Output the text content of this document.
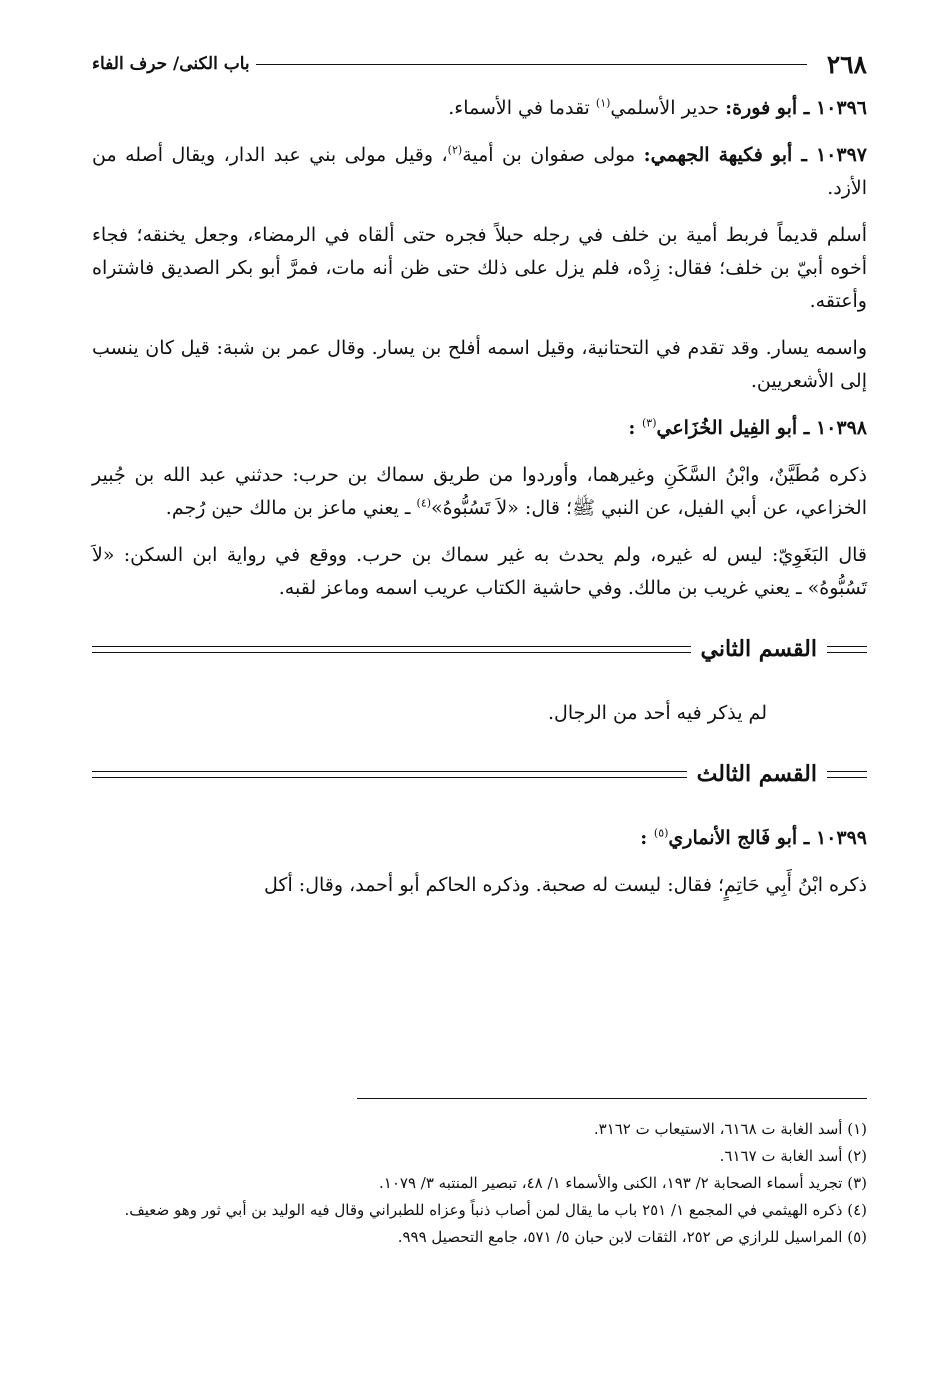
٢٦٨
باب الكنى/ حرف الفاء

١٠٣٩٦ ـ أبو فورة: حدير الأسلمي$^{(١)}$ تقدما في الأسماء.

١٠٣٩٧ ـ أبو فكيهة الجهمي: مولى صفوان بن أمية$^{(٢)}$، وقيل مولى بني عبد الدار، ويقال أصله من الأزد.

أسلم قديماً فربط أمية بن خلف في رجله حبلاً فجره حتى ألقاه في الرمضاء، وجعل يخنقه؛ فجاء أخوه أبيّ بن خلف؛ فقال: زِدْه، فلم يزل على ذلك حتى ظن أنه مات، فمرَّ أبو بكر الصديق فاشتراه وأعتقه.

واسمه يسار. وقد تقدم في التحتانية، وقيل اسمه أفلح بن يسار. وقال عمر بن شبة: قيل كان ينسب إلى الأشعريين.

١٠٣٩٨ ـ أبو الفِيل الخُزَاعي$^{(٣)}$ :

ذكره مُطَيَّنٌ، وابْنُ السَّكَنِ وغيرهما، وأوردوا من طريق سماك بن حرب: حدثني عبد الله بن جُبير الخزاعي، عن أبي الفيل، عن النبي ﷺ؛ قال: «لاَ تَسُبُّوهُ»$^{(٤)}$ ـ يعني ماعز بن مالك حين رُجم.

قال البَغَوِيّ: ليس له غيره، ولم يحدث به غير سماك بن حرب. ووقع في رواية ابن السكن: «لاَ تَسُبُّوهُ» ـ يعني غريب بن مالك. وفي حاشية الكتاب عريب اسمه وماعز لقبه.

القسم الثاني

لم يذكر فيه أحد من الرجال.

القسم الثالث

١٠٣٩٩ ـ أبو فَالج الأنماري$^{(٥)}$ :

ذكره ابْنُ أَبِي حَاتِمٍ؛ فقال: ليست له صحبة. وذكره الحاكم أبو أحمد، وقال: أكل

(١) أسد الغابة ت ٦١٦٨، الاستيعاب ت ٣١٦٢.

(٢) أسد الغابة ت ٦١٦٧.

(٣) تجريد أسماء الصحابة ٢/ ١٩٣، الكنى والأسماء ١/ ٤٨، تبصير المنتبه ٣/ ١٠٧٩.

(٤) ذكره الهيثمي في المجمع ١/ ٢٥١ باب ما يقال لمن أصاب ذنباً وعزاه للطبراني وقال فيه الوليد بن أبي ثور وهو ضعيف.

(٥) المراسيل للرازي ص ٢٥٢، الثقات لابن حبان ٥/ ٥٧١، جامع التحصيل ٩٩٩.
